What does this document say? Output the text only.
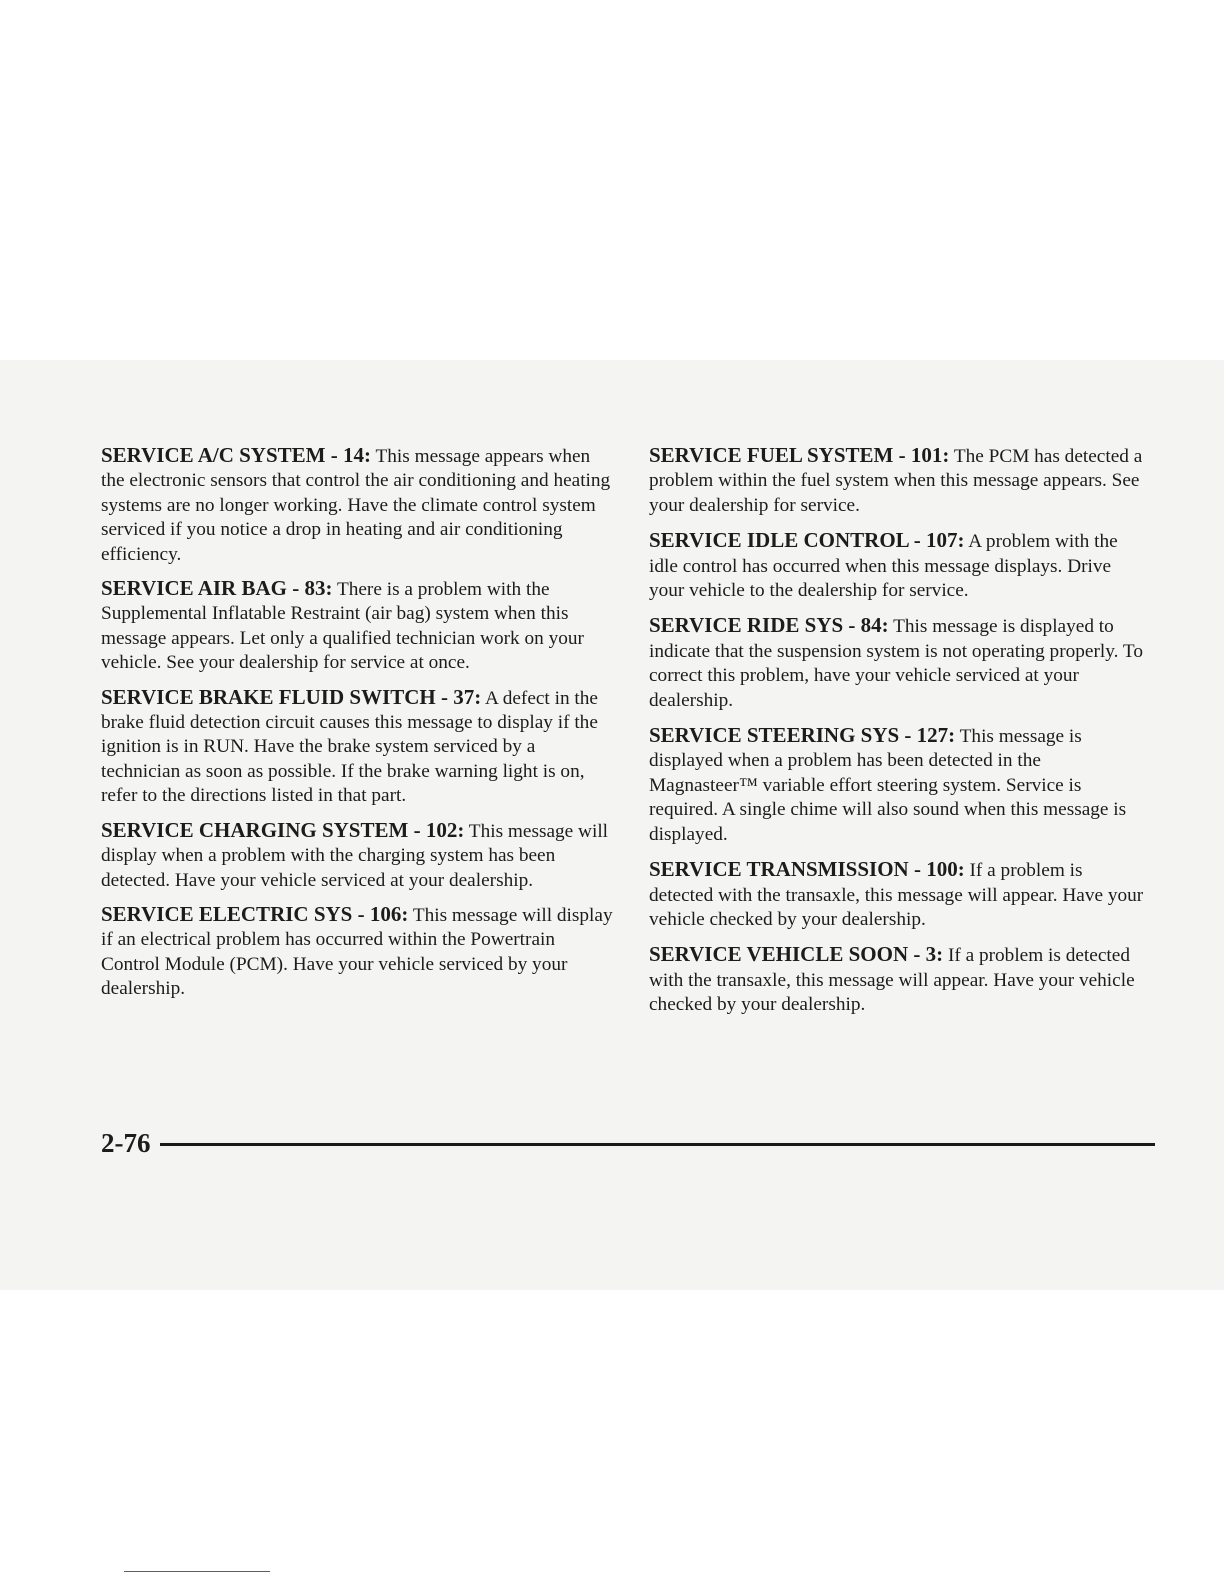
SERVICE A/C SYSTEM - 14: This message appears when the electronic sensors that control the air conditioning and heating systems are no longer working. Have the climate control system serviced if you notice a drop in heating and air conditioning efficiency.

SERVICE AIR BAG - 83: There is a problem with the Supplemental Inflatable Restraint (air bag) system when this message appears. Let only a qualified technician work on your vehicle. See your dealership for service at once.

SERVICE BRAKE FLUID SWITCH - 37: A defect in the brake fluid detection circuit causes this message to display if the ignition is in RUN. Have the brake system serviced by a technician as soon as possible. If the brake warning light is on, refer to the directions listed in that part.

SERVICE CHARGING SYSTEM - 102: This message will display when a problem with the charging system has been detected. Have your vehicle serviced at your dealership.

SERVICE ELECTRIC SYS - 106: This message will display if an electrical problem has occurred within the Powertrain Control Module (PCM). Have your vehicle serviced by your dealership.

SERVICE FUEL SYSTEM - 101: The PCM has detected a problem within the fuel system when this message appears. See your dealership for service.

SERVICE IDLE CONTROL - 107: A problem with the idle control has occurred when this message displays. Drive your vehicle to the dealership for service.

SERVICE RIDE SYS - 84: This message is displayed to indicate that the suspension system is not operating properly. To correct this problem, have your vehicle serviced at your dealership.

SERVICE STEERING SYS - 127: This message is displayed when a problem has been detected in the Magnasteer™ variable effort steering system. Service is required. A single chime will also sound when this message is displayed.

SERVICE TRANSMISSION - 100: If a problem is detected with the transaxle, this message will appear. Have your vehicle checked by your dealership.

SERVICE VEHICLE SOON - 3: If a problem is detected with the transaxle, this message will appear. Have your vehicle checked by your dealership.

2-76
